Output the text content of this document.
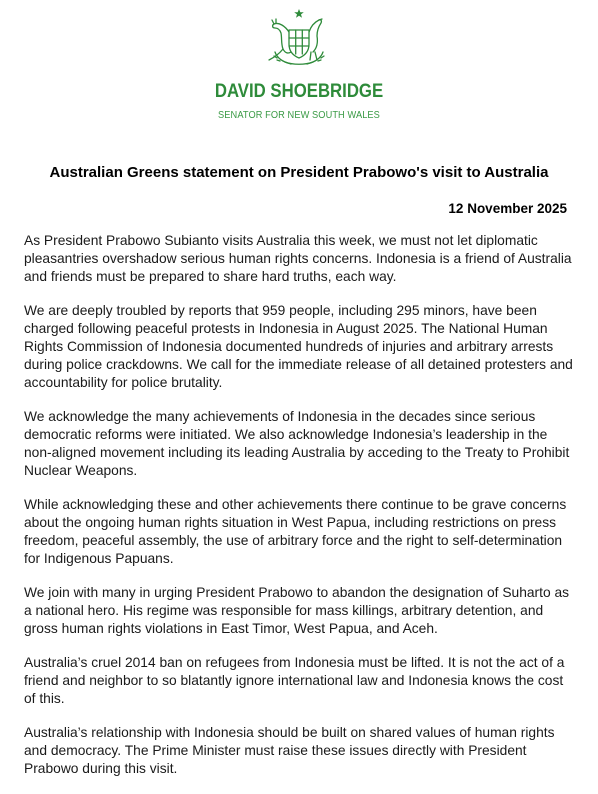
DAVID SHOEBRIDGE
SENATOR FOR NEW SOUTH WALES
Australian Greens statement on President Prabowo's visit to Australia
12 November 2025

As President Prabowo Subianto visits Australia this week, we must not let diplomatic pleasantries overshadow serious human rights concerns. Indonesia is a friend of Australia and friends must be prepared to share hard truths, each way.

We are deeply troubled by reports that 959 people, including 295 minors, have been charged following peaceful protests in Indonesia in August 2025. The National Human Rights Commission of Indonesia documented hundreds of injuries and arbitrary arrests during police crackdowns. We call for the immediate release of all detained protesters and accountability for police brutality.

We acknowledge the many achievements of Indonesia in the decades since serious democratic reforms were initiated. We also acknowledge Indonesia’s leadership in the non-aligned movement including its leading Australia by acceding to the Treaty to Prohibit Nuclear Weapons.

While acknowledging these and other achievements there continue to be grave concerns about the ongoing human rights situation in West Papua, including restrictions on press freedom, peaceful assembly, the use of arbitrary force and the right to self-determination for Indigenous Papuans.

We join with many in urging President Prabowo to abandon the designation of Suharto as a national hero. His regime was responsible for mass killings, arbitrary detention, and gross human rights violations in East Timor, West Papua, and Aceh.

Australia’s cruel 2014 ban on refugees from Indonesia must be lifted. It is not the act of a friend and neighbor to so blatantly ignore international law and Indonesia knows the cost of this.

Australia’s relationship with Indonesia should be built on shared values of human rights and democracy. The Prime Minister must raise these issues directly with President Prabowo during this visit.
